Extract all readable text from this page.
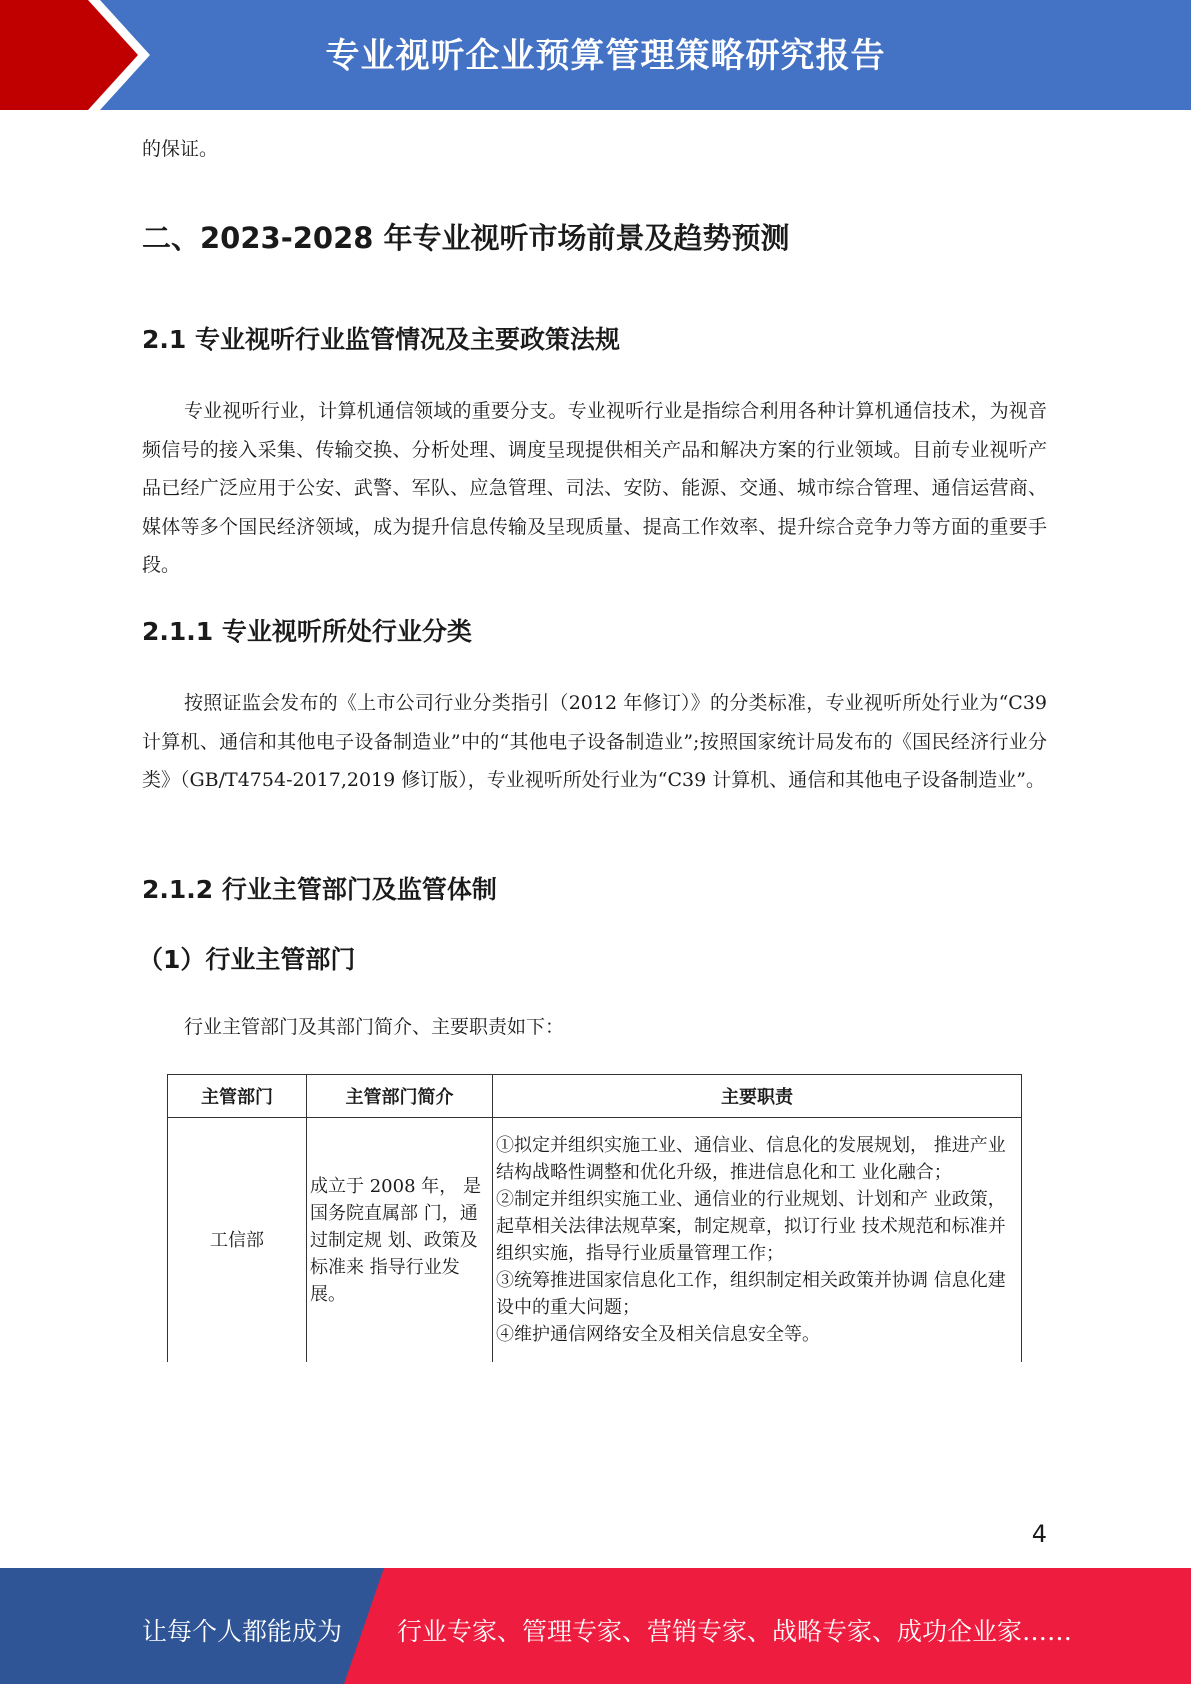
专业视听企业预算管理策略研究报告

的保证。

二、2023-2028 年专业视听市场前景及趋势预测
2.1 专业视听行业监管情况及主要政策法规

专业视听行业，计算机通信领域的重要分支。专业视听行业是指综合利用各种计算机通信技术，为视音频信号的接入采集、传输交换、分析处理、调度呈现提供相关产品和解决方案的行业领域。目前专业视听产品已经广泛应用于公安、武警、军队、应急管理、司法、安防、能源、交通、城市综合管理、通信运营商、媒体等多个国民经济领域，成为提升信息传输及呈现质量、提高工作效率、提升综合竞争力等方面的重要手段。

2.1.1 专业视听所处行业分类

按照证监会发布的《上市公司行业分类指引（2012 年修订）》的分类标准，专业视听所处行业为“C39 计算机、通信和其他电子设备制造业”中的“其他电子设备制造业”;按照国家统计局发布的《国民经济行业分类》（GB/T4754-2017,2019 修订版），专业视听所处行业为“C39 计算机、通信和其他电子设备制造业”。

2.1.2 行业主管部门及监管体制
（1）行业主管部门

行业主管部门及其部门简介、主要职责如下：

主管部门	主管部门简介	主要职责
工信部	成立于 2008 年， 是国务院直属部 门，通过制定规 划、政策及标准来 指导行业发展。	①拟定并组织实施工业、通信业、信息化的发展规划， 推进产业结构战略性调整和优化升级，推进信息化和工 业化融合；
②制定并组织实施工业、通信业的行业规划、计划和产 业政策，起草相关法律法规草案，制定规章，拟订行业 技术规范和标准并组织实施，指导行业质量管理工作；
③统筹推进国家信息化工作，组织制定相关政策并协调 信息化建设中的重大问题；
④维护通信网络安全及相关信息安全等。
4
让每个人都能成为 行业专家、管理专家、营销专家、战略专家、成功企业家……
